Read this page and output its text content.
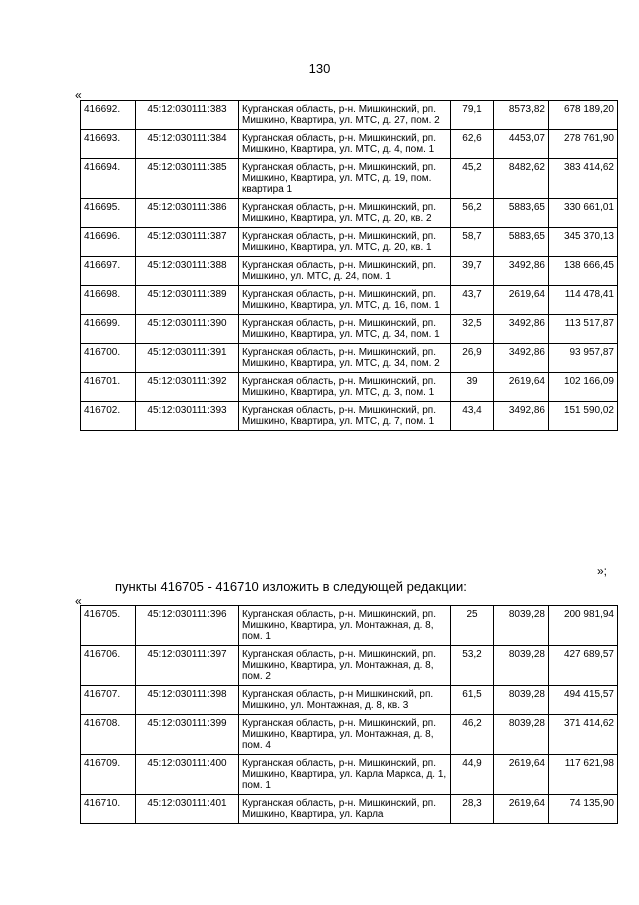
130
«
416692.	45:12:030111:383	Курганская область, р-н. Мишкинский, рп. Мишкино, Квартира, ул. МТС, д. 27, пом. 2	79,1	8573,82	678 189,20
416693.	45:12:030111:384	Курганская область, р-н. Мишкинский, рп. Мишкино, Квартира, ул. МТС, д. 4, пом. 1	62,6	4453,07	278 761,90
416694.	45:12:030111:385	Курганская область, р-н. Мишкинский, рп. Мишкино, Квартира, ул. МТС, д. 19, пом. квартира 1	45,2	8482,62	383 414,62
416695.	45:12:030111:386	Курганская область, р-н. Мишкинский, рп. Мишкино, Квартира, ул. МТС, д. 20, кв. 2	56,2	5883,65	330 661,01
416696.	45:12:030111:387	Курганская область, р-н. Мишкинский, рп. Мишкино, Квартира, ул. МТС, д. 20, кв. 1	58,7	5883,65	345 370,13
416697.	45:12:030111:388	Курганская область, р-н. Мишкинский, рп. Мишкино, ул. МТС, д. 24, пом. 1	39,7	3492,86	138 666,45
416698.	45:12:030111:389	Курганская область, р-н. Мишкинский, рп. Мишкино, Квартира, ул. МТС, д. 16, пом. 1	43,7	2619,64	114 478,41
416699.	45:12:030111:390	Курганская область, р-н. Мишкинский, рп. Мишкино, Квартира, ул. МТС, д. 34, пом. 1	32,5	3492,86	113 517,87
416700.	45:12:030111:391	Курганская область, р-н. Мишкинский, рп. Мишкино, Квартира, ул. МТС, д. 34, пом. 2	26,9	3492,86	93 957,87
416701.	45:12:030111:392	Курганская область, р-н. Мишкинский, рп. Мишкино, Квартира, ул. МТС, д. 3, пом. 1	39	2619,64	102 166,09
416702.	45:12:030111:393	Курганская область, р-н. Мишкинский, рп. Мишкино, Квартира, ул. МТС, д. 7, пом. 1	43,4	3492,86	151 590,02
»;
пункты 416705 - 416710 изложить в следующей редакции:
«
416705.	45:12:030111:396	Курганская область, р-н. Мишкинский, рп. Мишкино, Квартира, ул. Монтажная, д. 8, пом. 1	25	8039,28	200 981,94
416706.	45:12:030111:397	Курганская область, р-н. Мишкинский, рп. Мишкино, Квартира, ул. Монтажная, д. 8, пом. 2	53,2	8039,28	427 689,57
416707.	45:12:030111:398	Курганская область, р-н Мишкинский, рп. Мишкино, ул. Монтажная, д. 8, кв. 3	61,5	8039,28	494 415,57
416708.	45:12:030111:399	Курганская область, р-н. Мишкинский, рп. Мишкино, Квартира, ул. Монтажная, д. 8, пом. 4	46,2	8039,28	371 414,62
416709.	45:12:030111:400	Курганская область, р-н. Мишкинский, рп. Мишкино, Квартира, ул. Карла Маркса, д. 1, пом. 1	44,9	2619,64	117 621,98
416710.	45:12:030111:401	Курганская область, р-н. Мишкинский, рп. Мишкино, Квартира, ул. Карла	28,3	2619,64	74 135,90
